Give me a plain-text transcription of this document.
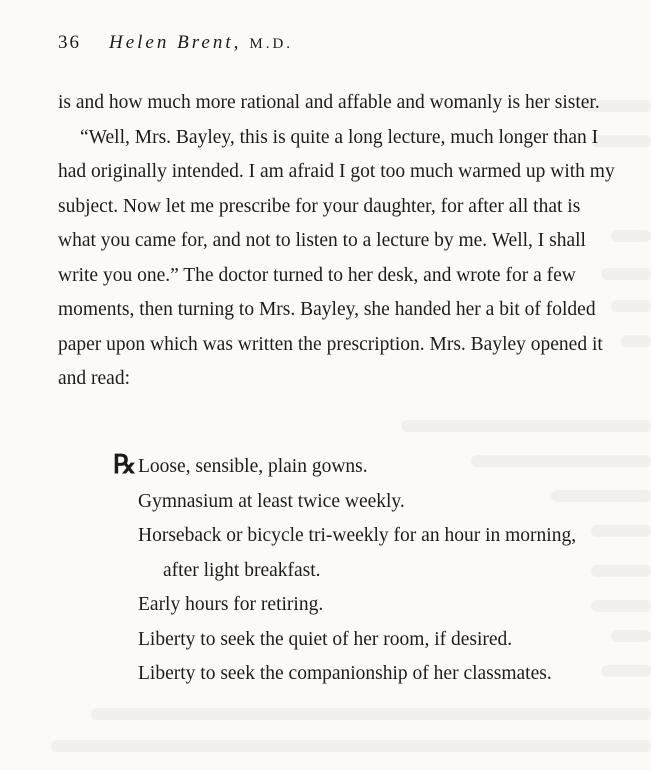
36 Helen Brent, M.D.

is and how much more rational and affable and womanly is her sister.

“Well, Mrs. Bayley, this is quite a long lecture, much longer than I had originally intended. I am afraid I got too much warmed up with my subject. Now let me prescribe for your daughter, for after all that is what you came for, and not to listen to a lecture by me. Well, I shall write you one.” The doctor turned to her desk, and wrote for a few moments, then turning to Mrs. Bayley, she handed her a bit of folded paper upon which was written the prescription. Mrs. Bayley opened it and read:

℞ Loose, sensible, plain gowns.
Gymnasium at least twice weekly.
Horseback or bicycle tri-weekly for an hour in morning,
after light breakfast.
Early hours for retiring.
Liberty to seek the quiet of her room, if desired.
Liberty to seek the companionship of her classmates.
